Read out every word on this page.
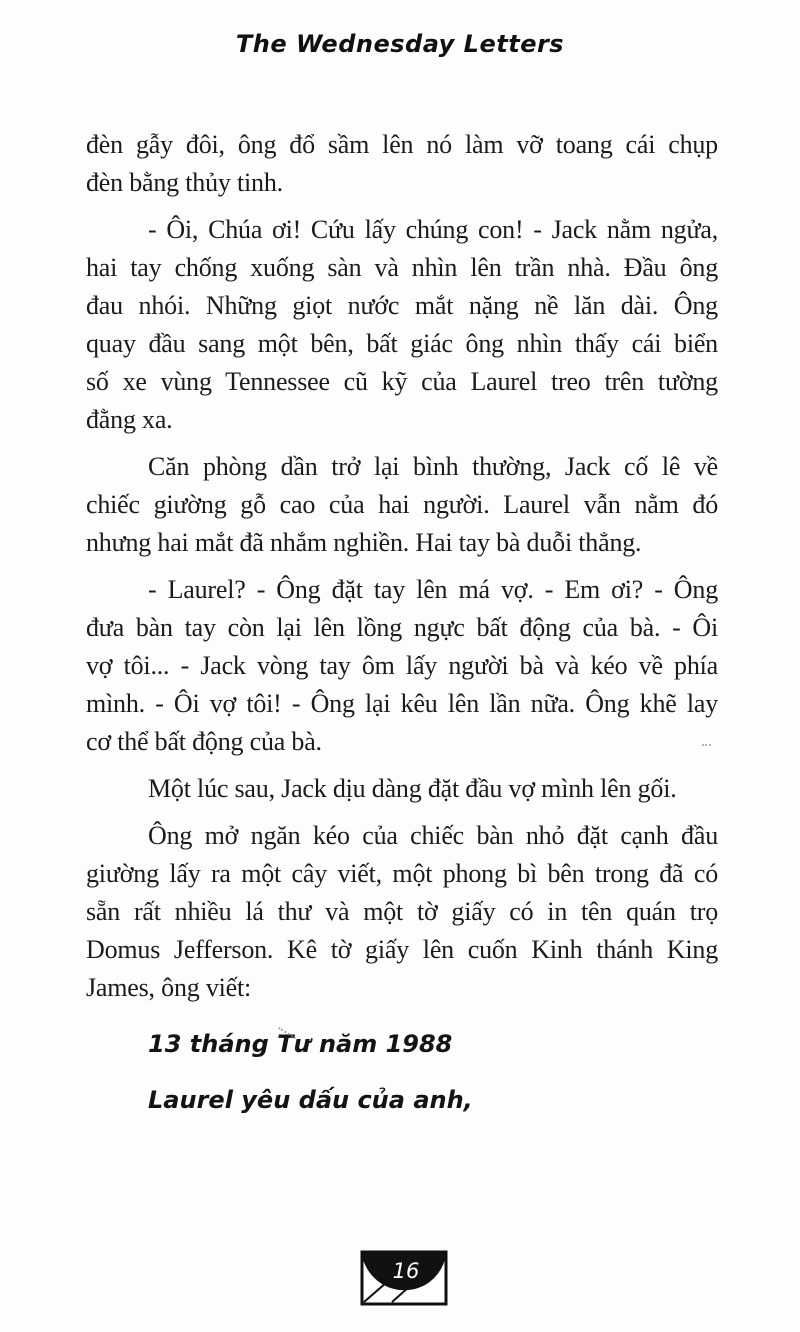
The Wednesday Letters
đèn gẫy đôi, ông đổ sầm lên nó làm vỡ toang cái chụp
đèn bằng thủy tinh.
- Ôi, Chúa ơi! Cứu lấy chúng con! - Jack nằm ngửa,
hai tay chống xuống sàn và nhìn lên trần nhà. Đầu ông
đau nhói. Những giọt nước mắt nặng nề lăn dài. Ông
quay đầu sang một bên, bất giác ông nhìn thấy cái biển
số xe vùng Tennessee cũ kỹ của Laurel treo trên tường
đằng xa.
Căn phòng dần trở lại bình thường, Jack cố lê về
chiếc giường gỗ cao của hai người. Laurel vẫn nằm đó
nhưng hai mắt đã nhắm nghiền. Hai tay bà duỗi thẳng.
- Laurel? - Ông đặt tay lên má vợ. - Em ơi? - Ông
đưa bàn tay còn lại lên lồng ngực bất động của bà. - Ôi
vợ tôi... - Jack vòng tay ôm lấy người bà và kéo về phía
mình. - Ôi vợ tôi! - Ông lại kêu lên lần nữa. Ông khẽ lay
cơ thể bất động của bà.
Một lúc sau, Jack dịu dàng đặt đầu vợ mình lên gối.
Ông mở ngăn kéo của chiếc bàn nhỏ đặt cạnh đầu
giường lấy ra một cây viết, một phong bì bên trong đã có
sẵn rất nhiều lá thư và một tờ giấy có in tên quán trọ
Domus Jefferson. Kê tờ giấy lên cuốn Kinh thánh King
James, ông viết:
13 tháng Tư năm 1988
Laurel yêu dấu của anh,
16
